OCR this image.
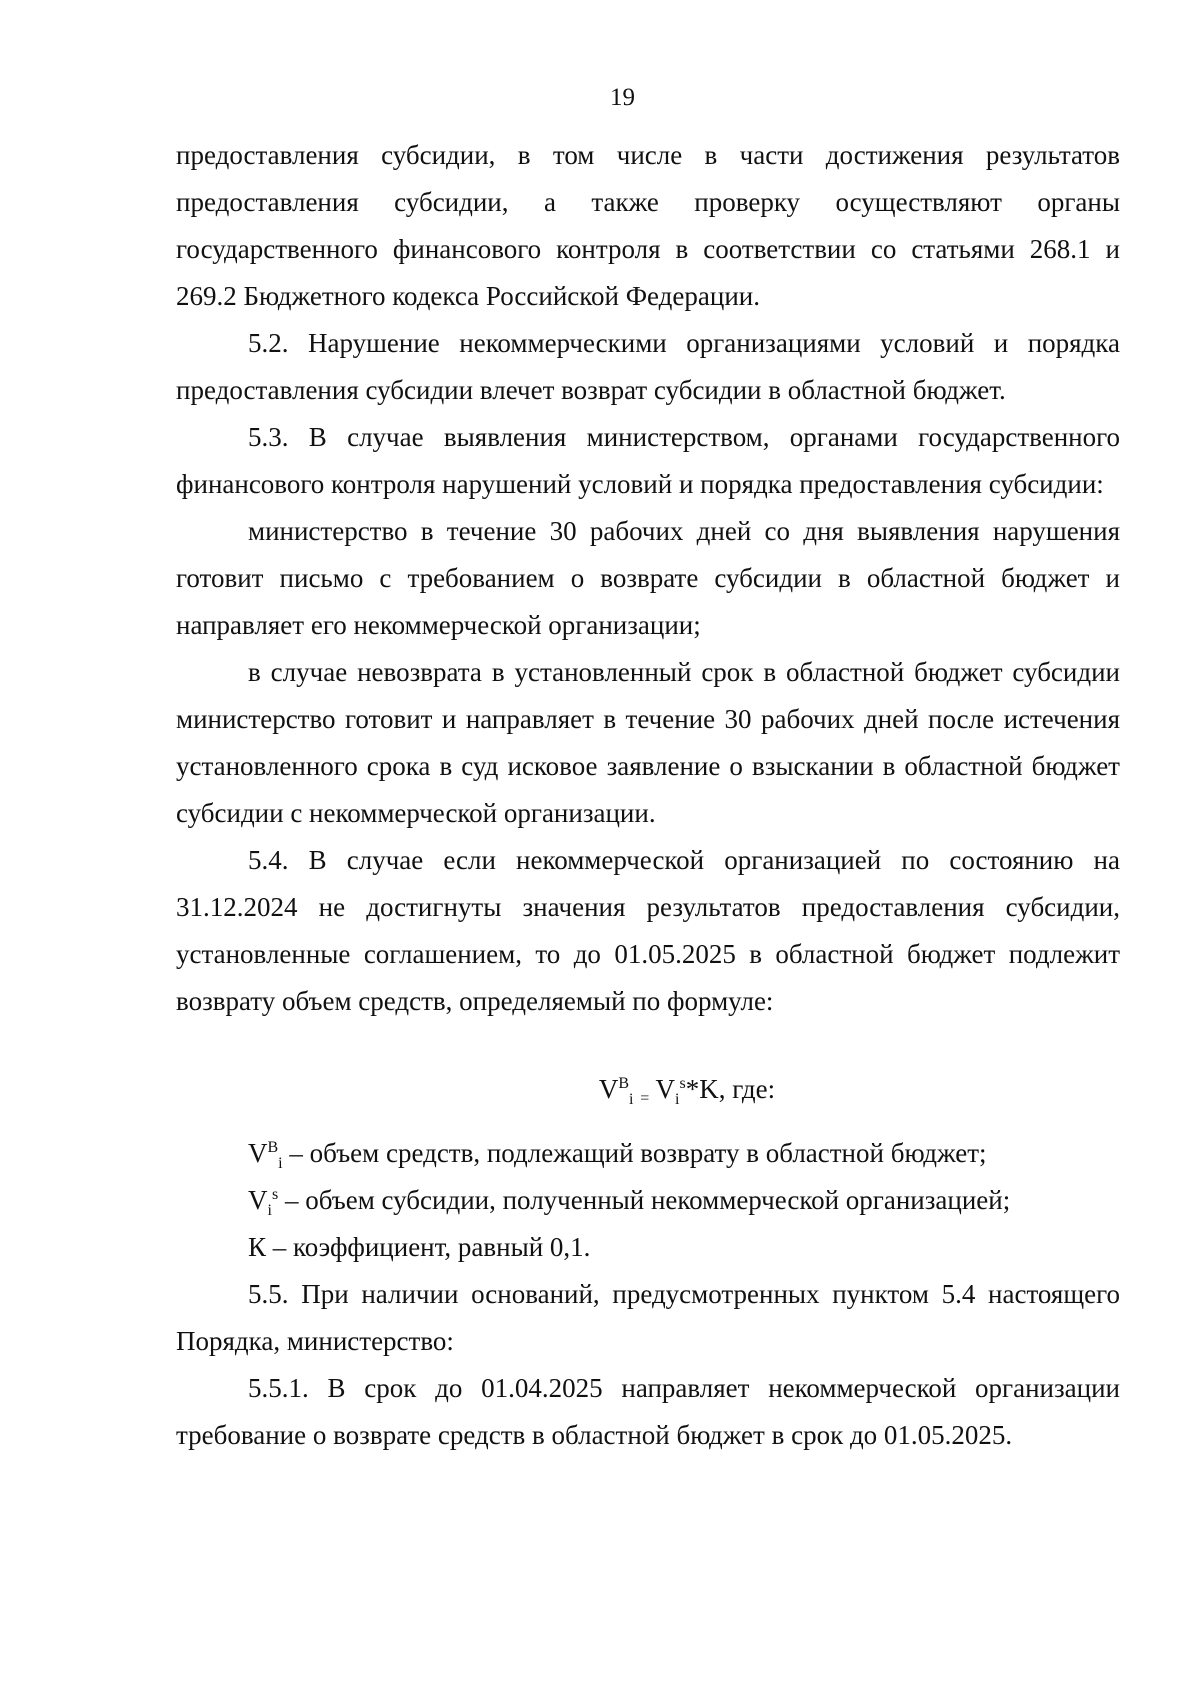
19

предоставления субсидии, в том числе в части достижения результатов предоставления субсидии, а также проверку осуществляют органы государственного финансового контроля в соответствии со статьями 268.1 и 269.2 Бюджетного кодекса Российской Федерации.

5.2. Нарушение некоммерческими организациями условий и порядка предоставления субсидии влечет возврат субсидии в областной бюджет.

5.3. В случае выявления министерством, органами государственного финансового контроля нарушений условий и порядка предоставления субсидии:

министерство в течение 30 рабочих дней со дня выявления нарушения готовит письмо с требованием о возврате субсидии в областной бюджет и направляет его некоммерческой организации;

в случае невозврата в установленный срок в областной бюджет субсидии министерство готовит и направляет в течение 30 рабочих дней после истечения установленного срока в суд исковое заявление о взыскании в областной бюджет субсидии с некоммерческой организации.

5.4. В случае если некоммерческой организацией по состоянию на 31.12.2024 не достигнуты значения результатов предоставления субсидии, установленные соглашением, то до 01.05.2025 в областной бюджет подлежит возврату объем средств, определяемый по формуле:

$V^B_i = V_i^s*K$, где:

$V^B_i$ – объем средств, подлежащий возврату в областной бюджет;

$V_i^s$ – объем субсидии, полученный некоммерческой организацией;

К – коэффициент, равный 0,1.

5.5. При наличии оснований, предусмотренных пунктом 5.4 настоящего Порядка, министерство:

5.5.1. В срок до 01.04.2025 направляет некоммерческой организации требование о возврате средств в областной бюджет в срок до 01.05.2025.
